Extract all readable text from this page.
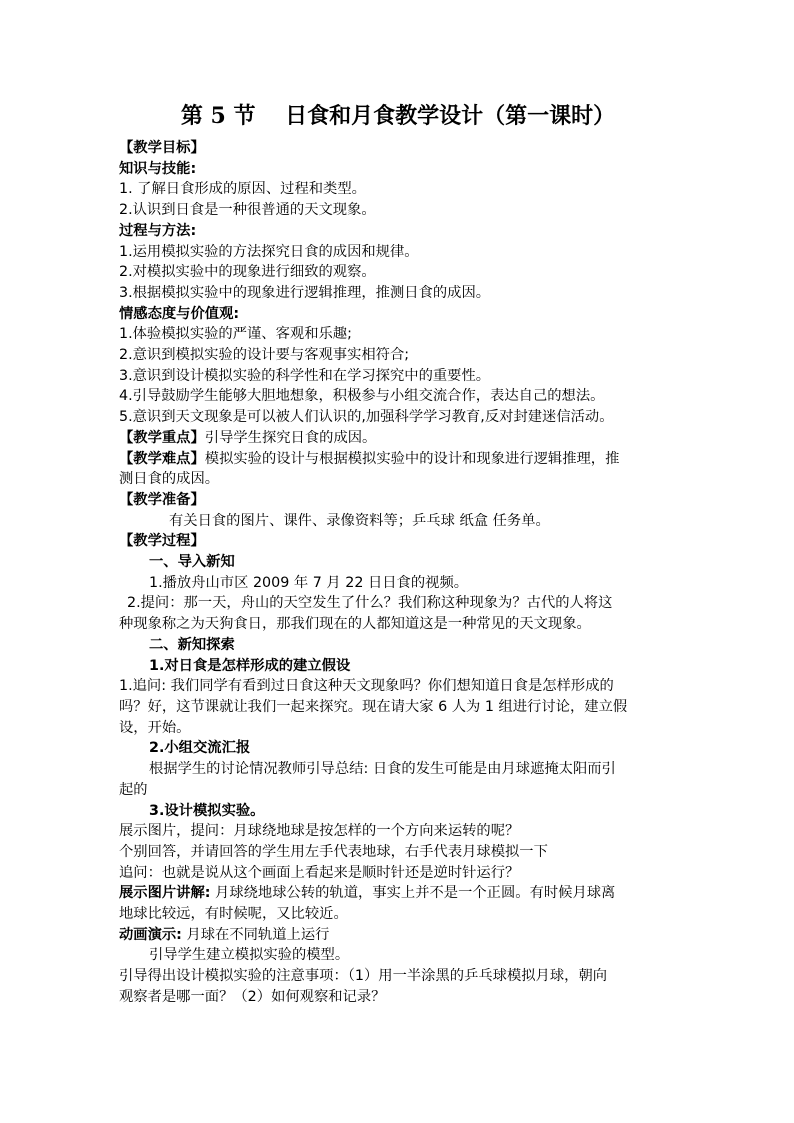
第 5 节　 日食和月食教学设计（第一课时）
【教学目标】
知识与技能:
1. 了解日食形成的原因、过程和类型。
2.认识到日食是一种很普通的天文现象。
过程与方法:
1.运用模拟实验的方法探究日食的成因和规律。
2.对模拟实验中的现象进行细致的观察。
3.根据模拟实验中的现象进行逻辑推理，推测日食的成因。
情感态度与价值观:
1.体验模拟实验的严谨、客观和乐趣;
2.意识到模拟实验的设计要与客观事实相符合;
3.意识到设计模拟实验的科学性和在学习探究中的重要性。
4.引导鼓励学生能够大胆地想象，积极参与小组交流合作，表达自己的想法。
5.意识到天文现象是可以被人们认识的,加强科学学习教育,反对封建迷信活动。
【教学重点】引导学生探究日食的成因。
【教学难点】模拟实验的设计与根据模拟实验中的设计和现象进行逻辑推理，推
测日食的成因。
【教学准备】
有关日食的图片、课件、录像资料等；乒乓球 纸盒 任务单。
【教学过程】
一、导入新知
1.播放舟山市区 2009 年 7 月 22 日日食的视频。
2.提问：那一天，舟山的天空发生了什么？我们称这种现象为？古代的人将这
种现象称之为天狗食日，那我们现在的人都知道这是一种常见的天文现象。
二、新知探索
1.对日食是怎样形成的建立假设
1.追问: 我们同学有看到过日食这种天文现象吗？你们想知道日食是怎样形成的
吗？好，这节课就让我们一起来探究。现在请大家 6 人为 1 组进行讨论，建立假
设，开始。
2.小组交流汇报
根据学生的讨论情况教师引导总结: 日食的发生可能是由月球遮掩太阳而引
起的
3.设计模拟实验。
展示图片，提问：月球绕地球是按怎样的一个方向来运转的呢？
个别回答，并请回答的学生用左手代表地球，右手代表月球模拟一下
追问：也就是说从这个画面上看起来是顺时针还是逆时针运行？
展示图片讲解: 月球绕地球公转的轨道，事实上并不是一个正圆。有时候月球离
地球比较远，有时候呢，又比较近。
动画演示: 月球在不同轨道上运行
引导学生建立模拟实验的模型。
引导得出设计模拟实验的注意事项：（1）用一半涂黑的乒乓球模拟月球，朝向
观察者是哪一面？（2）如何观察和记录？
